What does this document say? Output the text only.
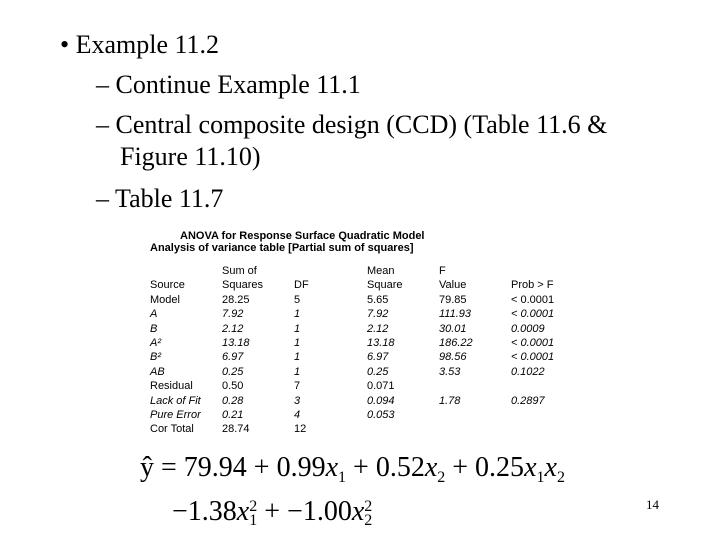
• Example 11.2
– Continue Example 11.1
– Central composite design (CCD) (Table 11.6 &
Figure 11.10)
– Table 11.7
ANOVA for Response Surface Quadratic Model
Analysis of variance table [Partial sum of squares]
Source
Model
A
B
A²
B²
AB
Residual
Lack of Fit
Pure Error
Cor Total
Sum of
Squares
28.25
7.92
2.12
13.18
6.97
0.25
0.50
0.28
0.21
28.74
DF
5
1
1
1
1
1
7
3
4
12
Mean
Square
5.65
7.92
2.12
13.18
6.97
0.25
0.071
0.094
0.053
F
Value
79.85
111.93
30.01
186.22
98.56
3.53
1.78
Prob > F
< 0.0001
< 0.0001
0.0009
< 0.0001
< 0.0001
0.1022
0.2897
ŷ = $79.94 + 0.99x_1 + 0.52x_2 + 0.25x_1x_2$
−1.38x 2
1 + −1.00x 2
2
14
